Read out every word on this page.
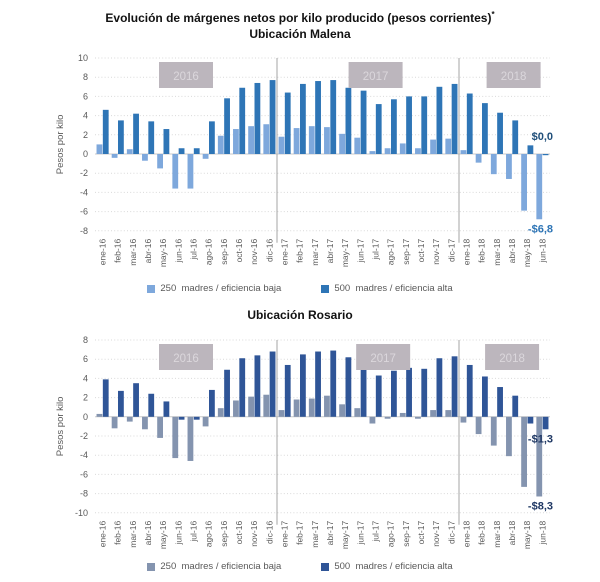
Evolución de márgenes netos por kilo producido (pesos corrientes)*
Ubicación Malena
10
8
6
4
2
0
-2
-4
-6
-8
Pesos por kilo
2016	2017	2018
ene-16 feb-16 mar-16 abr-16 may-16 jun-16 jul-16 ago-16 sep-16 oct-16 nov-16 dic-16 ene-17 feb-17 mar-17 abr-17 may-17 jun-17 jul-17 ago-17 sep-17 oct-17 nov-17 dic-17 ene-18 feb-18 mar-18 abr-18 may-18 jun-18
$0,0
-$6,8
250  madres / eficiencia baja	500  madres / eficiencia alta
Ubicación Rosario
8
6
4
2
0
-2
-4
-6
-8
-10
Pesos por kilo
2016	2017	2018
ene-16 feb-16 mar-16 abr-16 may-16 jun-16 jul-16 ago-16 sep-16 oct-16 nov-16 dic-16 ene-17 feb-17 mar-17 abr-17 may-17 jun-17 jul-17 ago-17 sep-17 oct-17 nov-17 dic-17 ene-18 feb-18 mar-18 abr-18 may-18 jun-18
-$1,3
-$8,3
250  madres / eficiencia baja	500  madres / eficiencia alta
